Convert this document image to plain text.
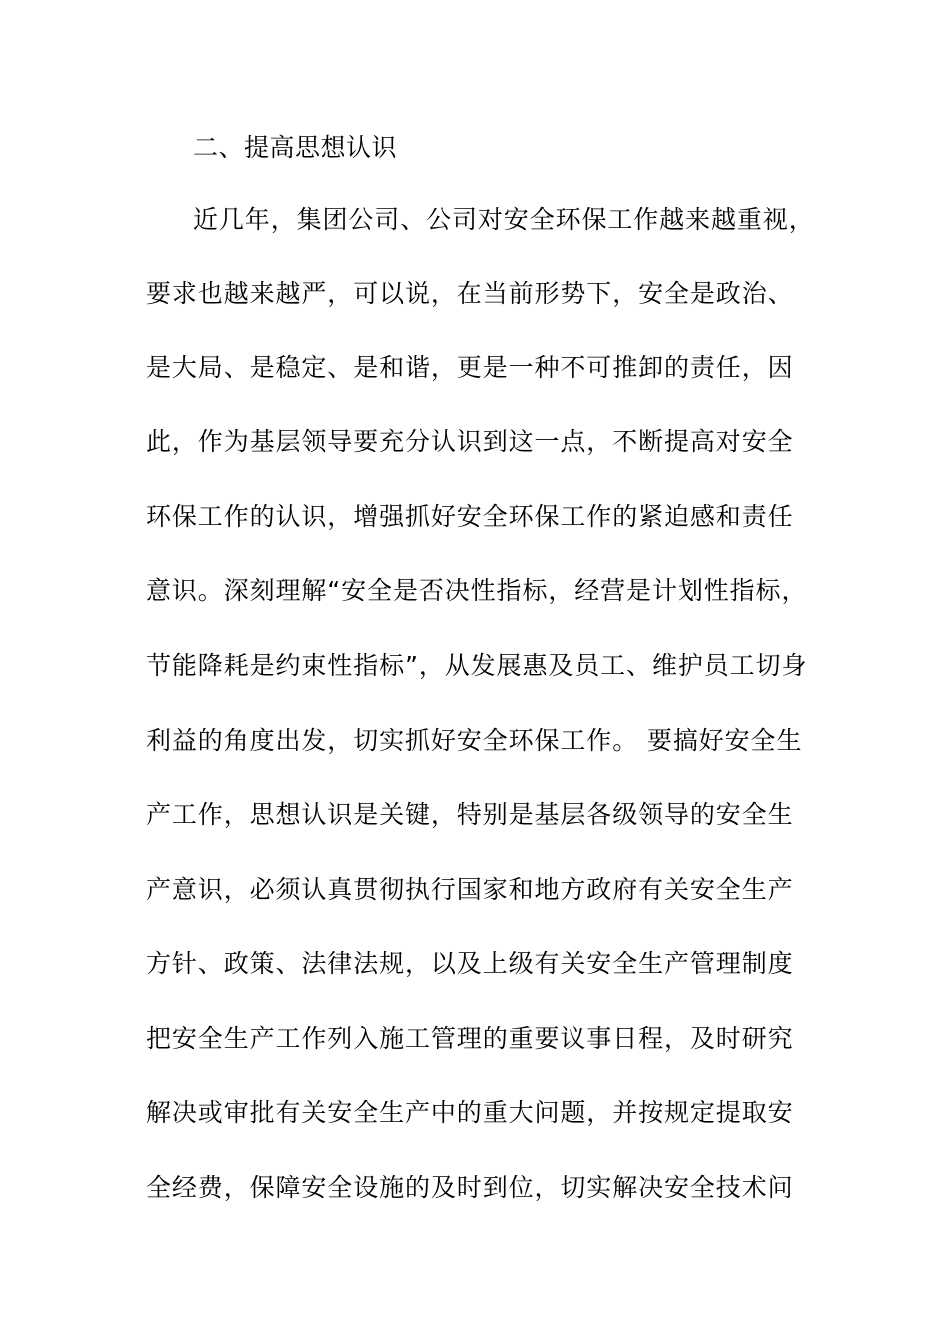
二、提高思想认识
近几年，集团公司、公司对安全环保工作越来越重视，
要求也越来越严，可以说，在当前形势下，安全是政治、
是大局、是稳定、是和谐，更是一种不可推卸的责任，因
此，作为基层领导要充分认识到这一点，不断提高对安全
环保工作的认识，增强抓好安全环保工作的紧迫感和责任
意识。深刻理解“安全是否决性指标，经营是计划性指标，
节能降耗是约束性指标”，从发展惠及员工、维护员工切身
利益的角度出发，切实抓好安全环保工作。 要搞好安全生
产工作，思想认识是关键，特别是基层各级领导的安全生
产意识，必须认真贯彻执行国家和地方政府有关安全生产
方针、政策、法律法规，以及上级有关安全生产管理制度
把安全生产工作列入施工管理的重要议事日程，及时研究
解决或审批有关安全生产中的重大问题，并按规定提取安
全经费，保障安全设施的及时到位，切实解决安全技术问
